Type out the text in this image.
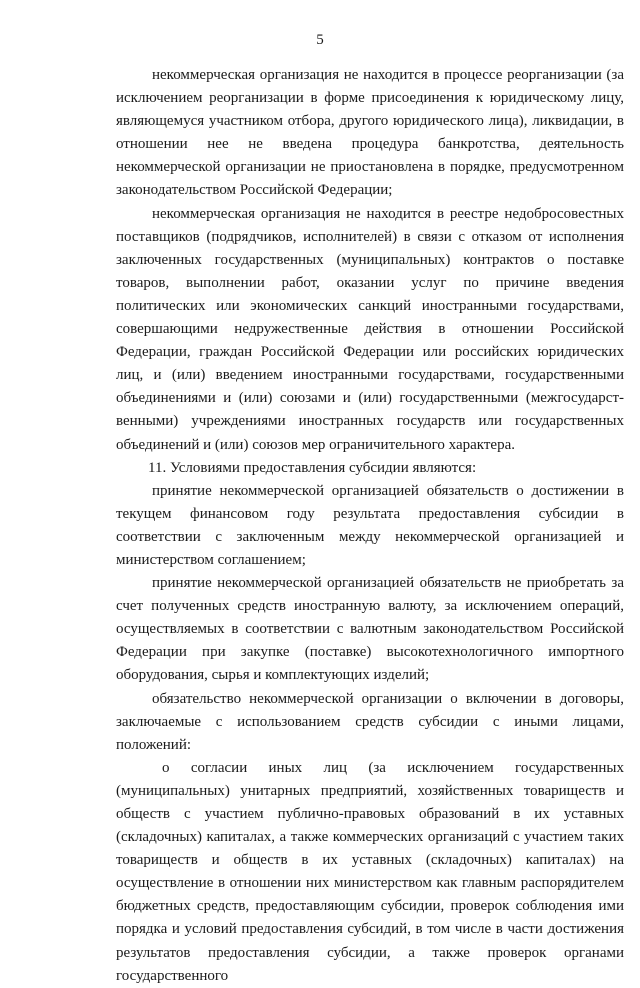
5

некоммерческая организация не находится в процессе реорганизации (за исключением реорганизации в форме присоединения к юридическому лицу, являющемуся участником отбора, другого юридического лица), ликвидации, в отношении нее не введена процедура банкротства, деятельность некоммерческой организации не приостановлена в порядке, предусмотренном законодательством Российской Федерации;

некоммерческая организация не находится в реестре недобросовестных поставщиков (подрядчиков, исполнителей) в связи с отказом от исполнения заключенных государственных (муниципальных) контрактов о поставке товаров, выполнении работ, оказании услуг по причине введения политических или экономических санкций иностранными государствами, совершающими недружественные действия в отношении Российской Федерации, граждан Российской Федерации или российских юридических лиц, и (или) введением иностранными государствами, государственными объединениями и (или) союзами и (или) государственными (межгосударственными) учреждениями иностранных государств или государственных объединений и (или) союзов мер ограничительного характера.

11. Условиями предоставления субсидии являются:

принятие некоммерческой организацией обязательств о достижении в текущем финансовом году результата предоставления субсидии в соответствии с заключенным между некоммерческой организацией и министерством соглашением;

принятие некоммерческой организацией обязательств не приобретать за счет полученных средств иностранную валюту, за исключением операций, осуществляемых в соответствии с валютным законодательством Российской Федерации при закупке (поставке) высокотехнологичного импортного оборудования, сырья и комплектующих изделий;

обязательство некоммерческой организации о включении в договоры, заключаемые с использованием средств субсидии с иными лицами, положений:

о согласии иных лиц (за исключением государственных (муниципальных) унитарных предприятий, хозяйственных товариществ и обществ с участием публично-правовых образований в их уставных (складочных) капиталах, а также коммерческих организаций с участием таких товариществ и обществ в их уставных (складочных) капиталах) на осуществление в отношении них министерством как главным распорядителем бюджетных средств, предоставляющим субсидии, проверок соблюдения ими порядка и условий предоставления субсидий, в том числе в части достижения результатов предоставления субсидии, а также проверок органами государственного
